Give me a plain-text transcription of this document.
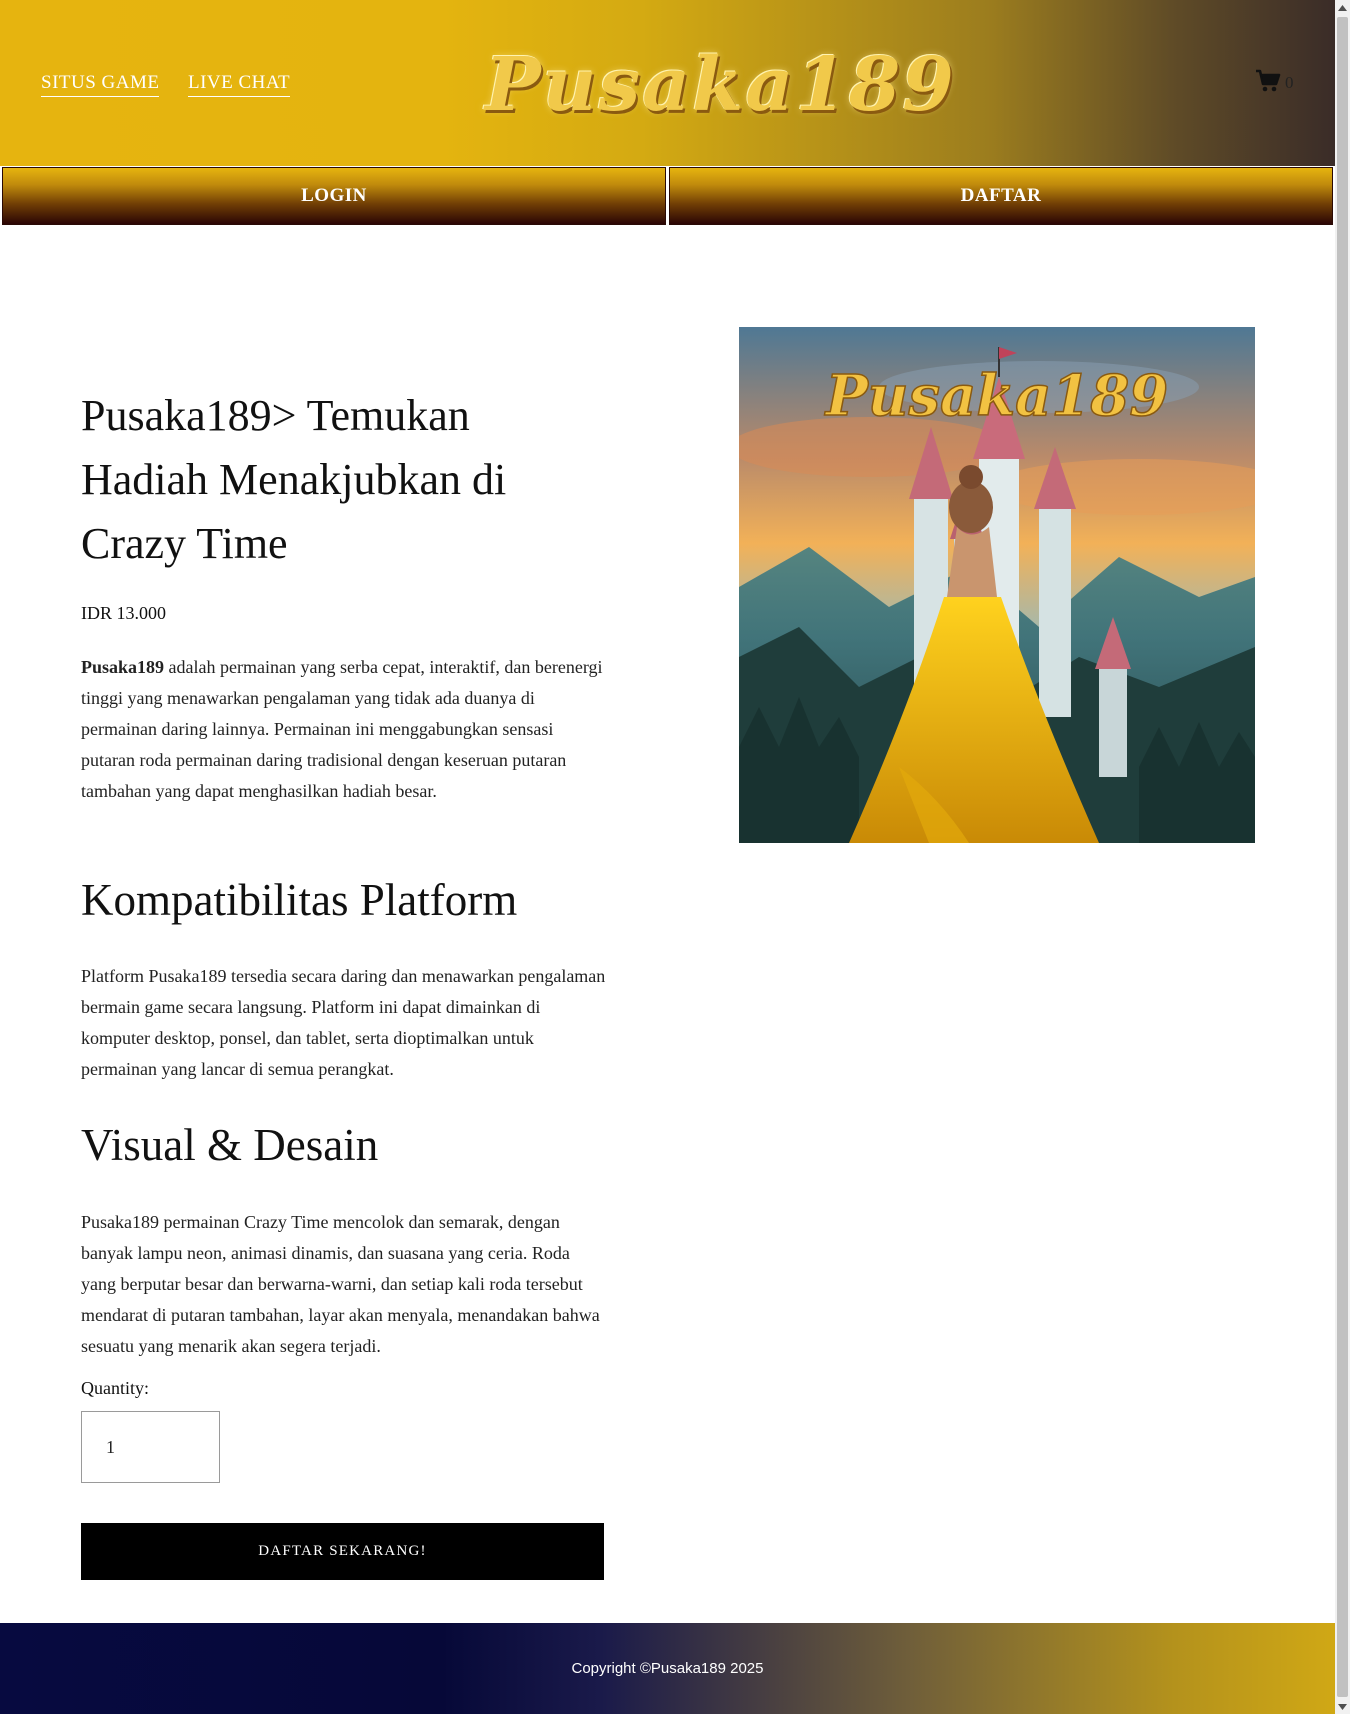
SITUS GAME LIVE CHAT	Pusaka189	0
LOGIN	DAFTAR
Pusaka189> Temukan Hadiah Menakjubkan di Crazy Time
IDR 13.000

Pusaka189 adalah permainan yang serba cepat, interaktif, dan berenergi tinggi yang menawarkan pengalaman yang tidak ada duanya di permainan daring lainnya. Permainan ini menggabungkan sensasi putaran roda permainan daring tradisional dengan keseruan putaran tambahan yang dapat menghasilkan hadiah besar.

Kompatibilitas Platform

Platform Pusaka189 tersedia secara daring dan menawarkan pengalaman bermain game secara langsung. Platform ini dapat dimainkan di komputer desktop, ponsel, dan tablet, serta dioptimalkan untuk permainan yang lancar di semua perangkat.

Visual & Desain

Pusaka189 permainan Crazy Time mencolok dan semarak, dengan banyak lampu neon, animasi dinamis, dan suasana yang ceria. Roda yang berputar besar dan berwarna-warni, dan setiap kali roda tersebut mendarat di putaran tambahan, layar akan menyala, menandakan bahwa sesuatu yang menarik akan segera terjadi.

Quantity:
1
DAFTAR SEKARANG!
Pusaka189
Copyright ©Pusaka189 2025
